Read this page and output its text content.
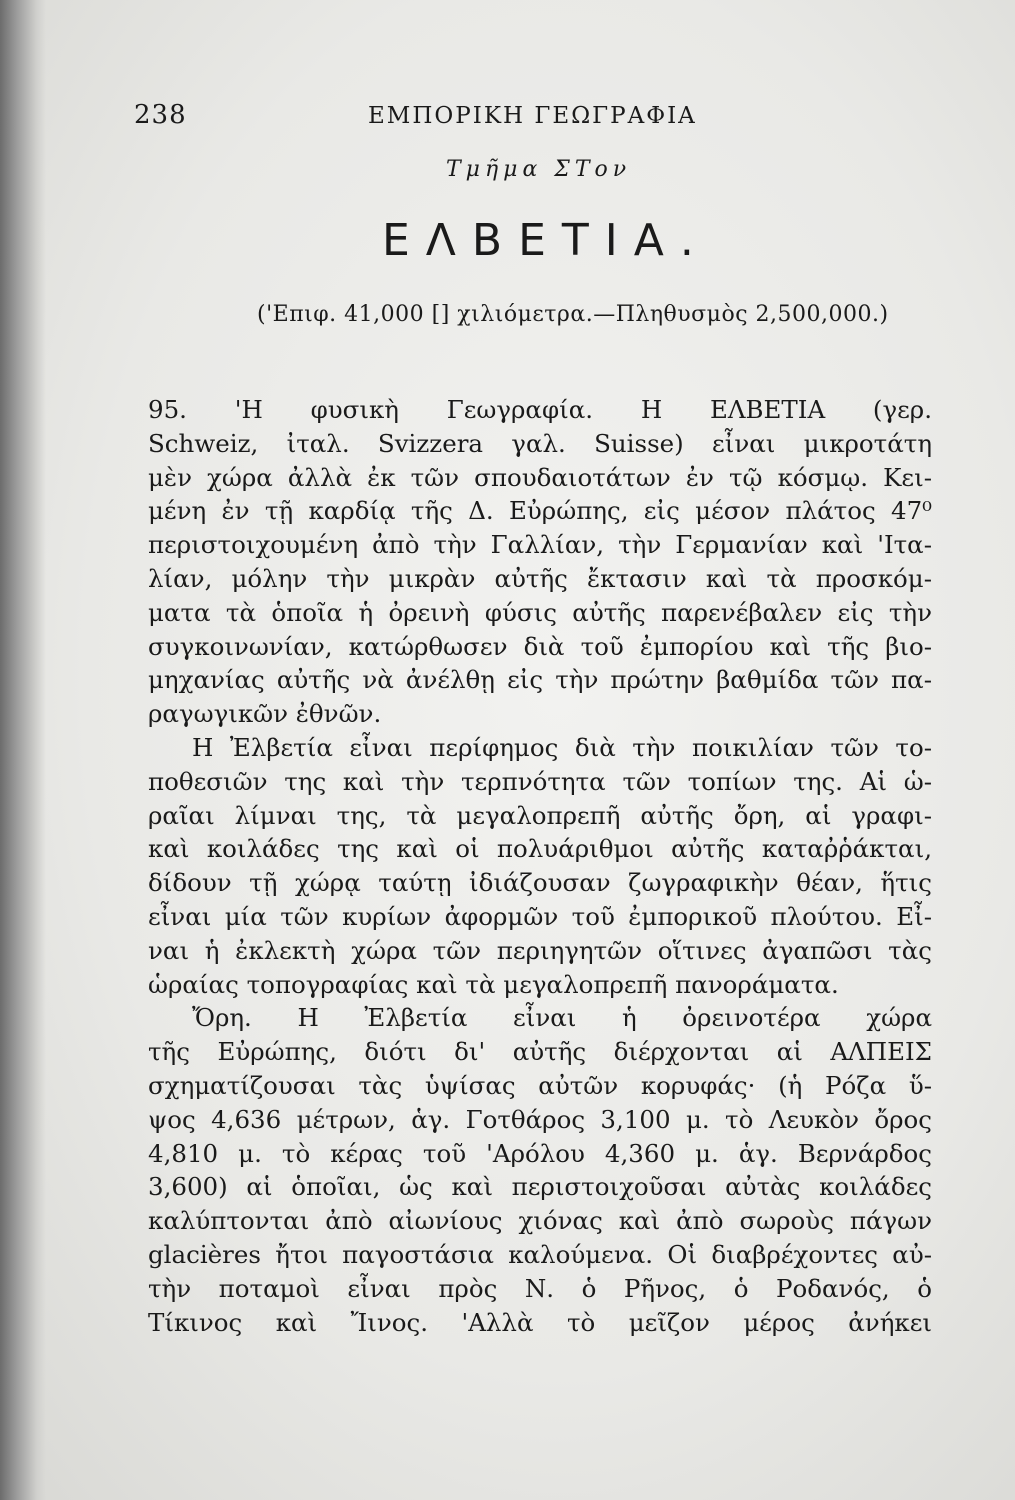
238	ΕΜΠΟΡΙΚΗ ΓΕΩΓΡΑΦΙΑ
Τμῆμα ΣΤον
ΕΛΒΕΤΙΑ.
('Επιφ. 41,000 [] χιλιόμετρα.—Πληθυσμὸς 2,500,000.)
95. 'Η φυσικὴ Γεωγραφία. Η ΕΛΒΕΤΙΑ (γερ.
Schweiz, ἰταλ. Svizzera γαλ. Suisse) εἶναι μικροτάτη
μὲν χώρα ἀλλὰ ἐκ τῶν σπουδαιοτάτων ἐν τῷ κόσμῳ. Κει-
μένη ἐν τῇ καρδίᾳ τῆς Δ. Εὐρώπης, εἰς μέσον πλάτος 47⁰
περιστοιχουμένη ἀπὸ τὴν Γαλλίαν, τὴν Γερμανίαν καὶ 'Ιτα-
λίαν, μόλην τὴν μικρὰν αὐτῆς ἔκτασιν καὶ τὰ προσκόμ-
ματα τὰ ὁποῖα ἡ ὀρεινὴ φύσις αὐτῆς παρενέβαλεν εἰς τὴν
συγκοινωνίαν, κατώρθωσεν διὰ τοῦ ἐμπορίου καὶ τῆς βιο-
μηχανίας αὐτῆς νὰ ἀνέλθῃ εἰς τὴν πρώτην βαθμίδα τῶν πα-
ραγωγικῶν ἐθνῶν.
Η Ἐλβετία εἶναι περίφημος διὰ τὴν ποικιλίαν τῶν το-
ποθεσιῶν της καὶ τὴν τερπνότητα τῶν τοπίων της. Αἱ ὡ-
ραῖαι λίμναι της, τὰ μεγαλοπρεπῆ αὐτῆς ὄρη, αἱ γραφι-
καὶ κοιλάδες της καὶ οἱ πολυάριθμοι αὐτῆς καταῤῥάκται,
δίδουν τῇ χώρᾳ ταύτῃ ἰδιάζουσαν ζωγραφικὴν θέαν, ἥτις
εἶναι μία τῶν κυρίων ἀφορμῶν τοῦ ἐμπορικοῦ πλούτου. Εἶ-
ναι ἡ ἐκλεκτὴ χώρα τῶν περιηγητῶν οἵτινες ἀγαπῶσι τὰς
ὡραίας τοπογραφίας καὶ τὰ μεγαλοπρεπῆ πανοράματα.
Ὄρη. Η Ἐλβετία εἶναι ἡ ὀρεινοτέρα χώρα
τῆς Εὐρώπης, διότι δι' αὐτῆς διέρχονται αἱ ΑΛΠΕΙΣ
σχηματίζουσαι τὰς ὑψίσας αὐτῶν κορυφάς· (ἡ Ρόζα ὕ-
ψος 4,636 μέτρων, ἁγ. Γοτθάρος 3,100 μ. τὸ Λευκὸν ὄρος
4,810 μ. τὸ κέρας τοῦ 'Αρόλου 4,360 μ. ἁγ. Βερνάρδος
3,600) αἱ ὁποῖαι, ὡς καὶ περιστοιχοῦσαι αὐτὰς κοιλάδες
καλύπτονται ἀπὸ αἰωνίους χιόνας καὶ ἀπὸ σωροὺς πάγων
glacières ἤτοι παγοστάσια καλούμενα. Οἱ διαβρέχοντες αὐ-
τὴν ποταμοὶ εἶναι πρὸς Ν. ὁ Ρῆνος, ὁ Ροδανός, ὁ
Τίκινος καὶ Ἴινος. 'Αλλὰ τὸ μεῖζον μέρος ἀνήκει
